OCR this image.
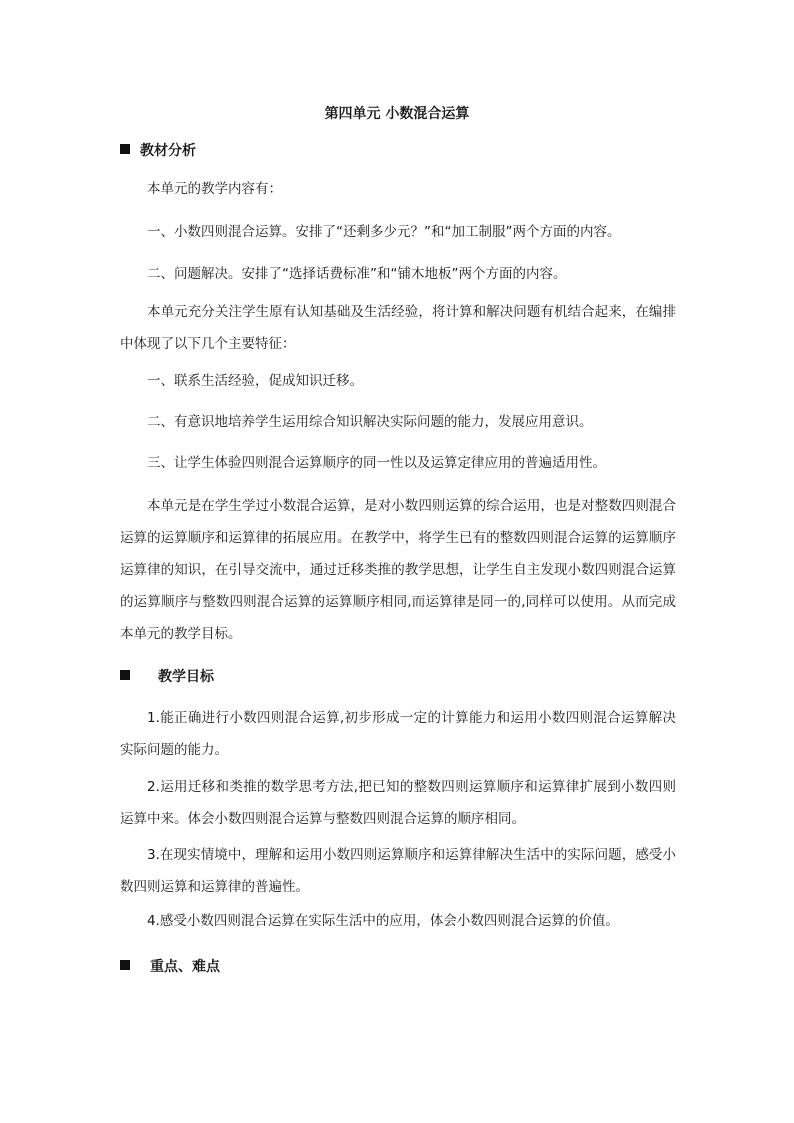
第四单元 小数混合运算
教材分析
本单元的教学内容有：
一、小数四则混合运算。安排了“还剩多少元？”和“加工制服”两个方面的内容。
二、问题解决。安排了“选择话费标准”和“铺木地板”两个方面的内容。
本单元充分关注学生原有认知基础及生活经验，将计算和解决问题有机结合起来，在编排中体现了以下几个主要特征：
一、联系生活经验，促成知识迁移。
二、有意识地培养学生运用综合知识解决实际问题的能力，发展应用意识。
三、让学生体验四则混合运算顺序的同一性以及运算定律应用的普遍适用性。
本单元是在学生学过小数混合运算，是对小数四则运算的综合运用，也是对整数四则混合运算的运算顺序和运算律的拓展应用。在教学中，将学生已有的整数四则混合运算的运算顺序运算律的知识，在引导交流中，通过迁移类推的教学思想，让学生自主发现小数四则混合运算的运算顺序与整数四则混合运算的运算顺序相同,而运算律是同一的,同样可以使用。从而完成本单元的教学目标。
教学目标
1.能正确进行小数四则混合运算,初步形成一定的计算能力和运用小数四则混合运算解决实际问题的能力。
2.运用迁移和类推的数学思考方法,把已知的整数四则运算顺序和运算律扩展到小数四则运算中来。体会小数四则混合运算与整数四则混合运算的顺序相同。
3.在现实情境中，理解和运用小数四则运算顺序和运算律解决生活中的实际问题，感受小数四则运算和运算律的普遍性。
4.感受小数四则混合运算在实际生活中的应用，体会小数四则混合运算的价值。
重点、难点
